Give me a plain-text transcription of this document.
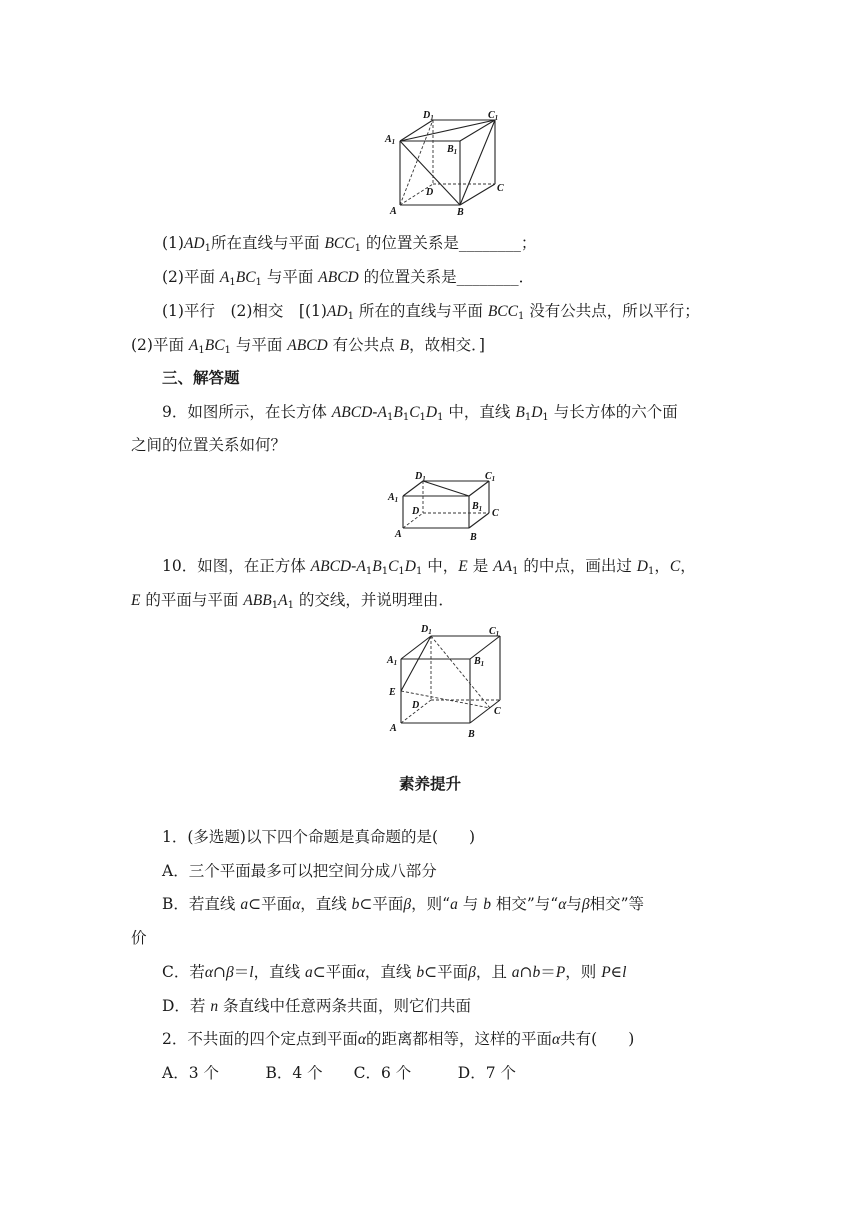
$D_1$	$C_1$
$A_1$
$B_1$
D	C
A	B
$(1)AD_1$所在直线与平面 $BCC_1$ 的位置关系是________；
(2)平面 $A_1BC_1$ 与平面 ABCD 的位置关系是________．
(1)平行　(2)相交　[$(1)AD_1$ 所在的直线与平面 $BCC_1$ 没有公共点，所以平行；
(2)平面 $A_1BC_1$ 与平面 ABCD 有公共点 B，故相交．]
三、解答题
9．如图所示，在长方体 ABCD-$A_1B_1C_1D_1$ 中，直线 $B_1D_1$ 与长方体的六个面
之间的位置关系如何？
$D_1$	$C_1$
$A_1$
$B_1$
D	C
A	B
10．如图，在正方体 ABCD-$A_1B_1C_1D_1$ 中，E 是 $AA_1$ 的中点，画出过 $D_1$，C，
E 的平面与平面 $ABB_1A_1$ 的交线，并说明理由．
$D_1$	$C_1$
$A_1$	$B_1$
E
D
C
A
B
素养提升
1．(多选题)以下四个命题是真命题的是(　　)
A．三个平面最多可以把空间分成八部分
B．若直线 a⊂平面α，直线 b⊂平面β，则“a 与 b 相交”与“α与β相交”等
价
C．若α∩β＝l，直线 a⊂平面α，直线 b⊂平面β，且 a∩b＝P，则 P∈l
D．若 n 条直线中任意两条共面，则它们共面
2．不共面的四个定点到平面α的距离都相等，这样的平面α共有(　　)
A．3 个　　　B．4 个　　C．6 个　　　D．7 个
